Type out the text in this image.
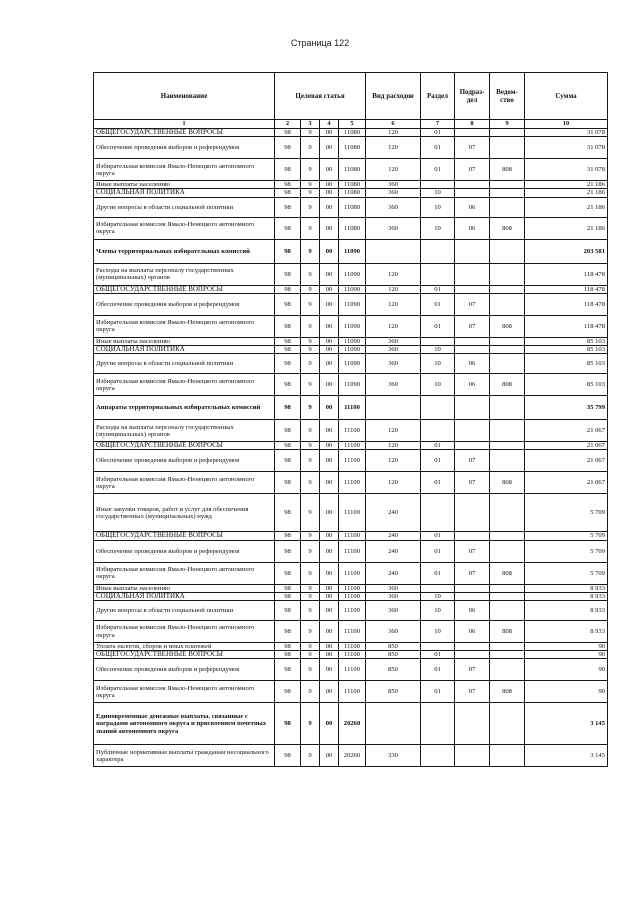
Страница 122
Наименование	Целевая статья				Вид расходов	Раздел	Подраз- дел	Ведом- ство	Сумма
1	2	3	4	5	6	7	8	9	10
ОБЩЕГОСУДАРСТВЕННЫЕ ВОПРОСЫ	98	9	00	11080	120	01			31 078
Обеспечение проведения выборов и референдумов	98	9	00	11080	120	01	07		31 078
Избирательная комиссия Ямало-Ненецкого автономного округа	98	9	00	11080	120	01	07	808	31 078
Иные выплаты населению	98	9	00	11080	360				21 186
СОЦИАЛЬНАЯ ПОЛИТИКА	98	9	00	11080	360	10			21 186
Другие вопросы в области социальной политики	98	9	00	11080	360	10	06		21 186
Избирательная комиссия Ямало-Ненецкого автономного округа	98	9	00	11080	360	10	06	808	21 186
Члены территориальных избирательных комиссий	98	9	00	11090					203 581
Расходы на выплаты персоналу государственных (муниципальных) органов	98	9	00	11090	120				118 478
ОБЩЕГОСУДАРСТВЕННЫЕ ВОПРОСЫ	98	9	00	11090	120	01			118 478
Обеспечение проведения выборов и референдумов	98	9	00	11090	120	01	07		118 478
Избирательная комиссия Ямало-Ненецкого автономного округа	98	9	00	11090	120	01	07	808	118 478
Иные выплаты населению	98	9	00	11090	360				85 103
СОЦИАЛЬНАЯ ПОЛИТИКА	98	9	00	11090	360	10			85 103
Другие вопросы в области социальной политики	98	9	00	11090	360	10	06		85 103
Избирательная комиссия Ямало-Ненецкого автономного округа	98	9	00	11090	360	10	06	808	85 103
Аппараты территориальных избирательных комиссий	98	9	00	11100					35 799
Расходы на выплаты персоналу государственных (муниципальных) органов	98	9	00	11100	120				21 067
ОБЩЕГОСУДАРСТВЕННЫЕ ВОПРОСЫ	98	9	00	11100	120	01			21 067
Обеспечение проведения выборов и референдумов	98	9	00	11100	120	01	07		21 067
Избирательная комиссия Ямало-Ненецкого автономного округа	98	9	00	11100	120	01	07	808	21 067
Иные закупки товаров, работ и услуг для обеспечения государственных (муниципальных) нужд	98	9	00	11100	240				5 709
ОБЩЕГОСУДАРСТВЕННЫЕ ВОПРОСЫ	98	9	00	11100	240	01			5 709
Обеспечение проведения выборов и референдумов	98	9	00	11100	240	01	07		5 709
Избирательная комиссия Ямало-Ненецкого автономного округа	98	9	00	11100	240	01	07	808	5 709
Иные выплаты населению	98	9	00	11100	360				8 933
СОЦИАЛЬНАЯ ПОЛИТИКА	98	9	00	11100	360	10			8 933
Другие вопросы в области социальной политики	98	9	00	11100	360	10	06		8 933
Избирательная комиссия Ямало-Ненецкого автономного округа	98	9	00	11100	360	10	06	808	8 933
Уплата налогов, сборов и иных платежей	98	9	00	11100	850				90
ОБЩЕГОСУДАРСТВЕННЫЕ ВОПРОСЫ	98	9	00	11100	850	01			90
Обеспечение проведения выборов и референдумов	98	9	00	11100	850	01	07		90
Избирательная комиссия Ямало-Ненецкого автономного округа	98	9	00	11100	850	01	07	808	90
Единовременные денежные выплаты, связанные с наградами автономного округа и присвоением почетных званий автономного округа	98	9	00	20260					3 145
Публичные нормативные выплаты гражданам несоциального характера	98	9	00	20260	330				3 145
